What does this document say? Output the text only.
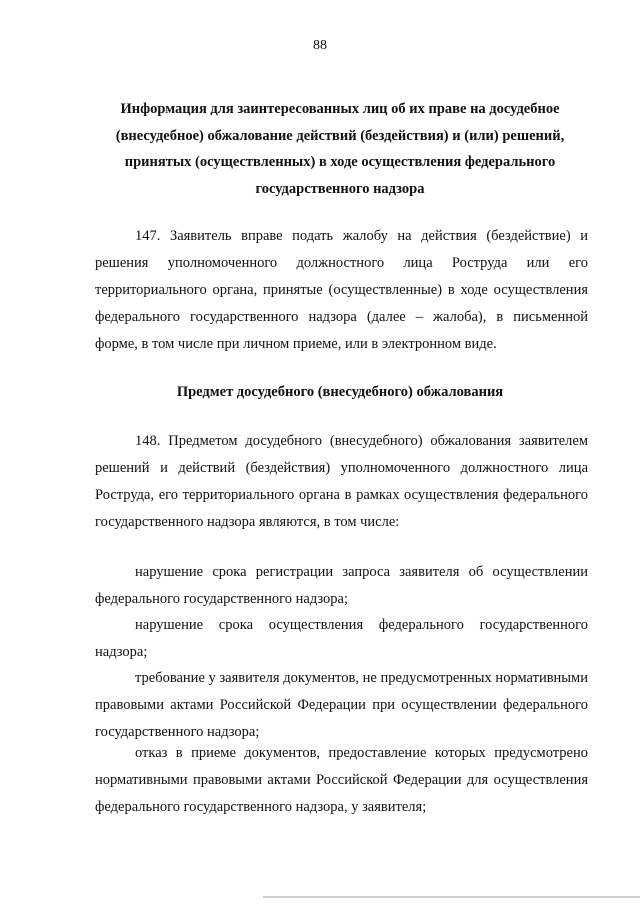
88
Информация для заинтересованных лиц об их праве на досудебное (внесудебное) обжалование действий (бездействия) и (или) решений, принятых (осуществленных) в ходе осуществления федерального государственного надзора

147. Заявитель вправе подать жалобу на действия (бездействие) и решения уполномоченного должностного лица Роструда или его территориального органа, принятые (осуществленные) в ходе осуществления федерального государственного надзора (далее – жалоба), в письменной форме, в том числе при личном приеме, или в электронном виде.

Предмет досудебного (внесудебного) обжалования

148. Предметом досудебного (внесудебного) обжалования заявителем решений и действий (бездействия) уполномоченного должностного лица Роструда, его территориального органа в рамках осуществления федерального государственного надзора являются, в том числе:

нарушение срока регистрации запроса заявителя об осуществлении федерального государственного надзора;

нарушение срока осуществления федерального государственного надзора;

требование у заявителя документов, не предусмотренных нормативными правовыми актами Российской Федерации при осуществлении федерального государственного надзора;

отказ в приеме документов, предоставление которых предусмотрено нормативными правовыми актами Российской Федерации для осуществления федерального государственного надзора, у заявителя;
